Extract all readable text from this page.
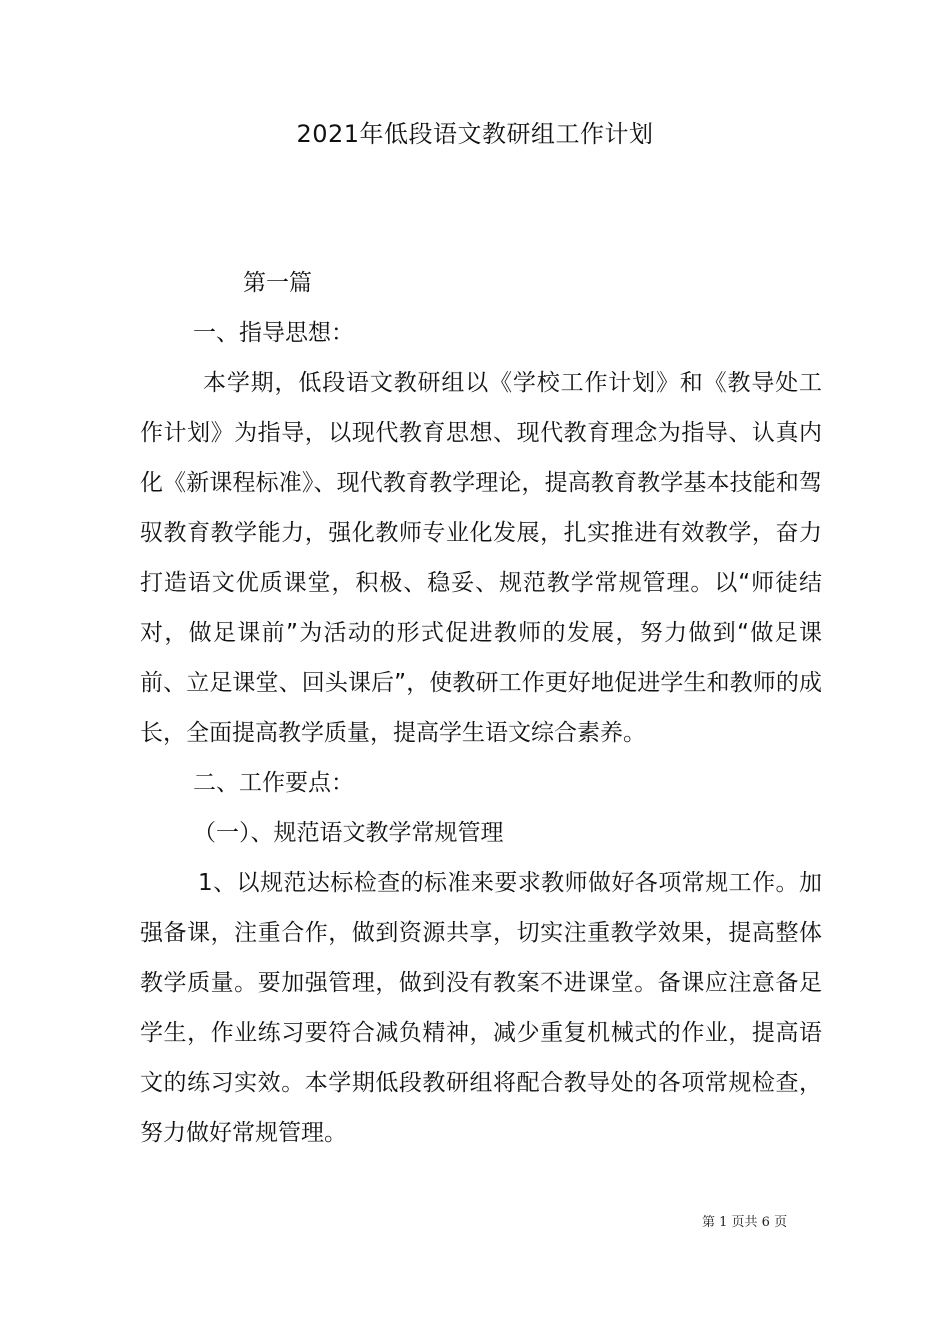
2021年低段语文教研组工作计划

第一篇

一、指导思想：

本学期，低段语文教研组以《学校工作计划》和《教导处工作计划》为指导，以现代教育思想、现代教育理念为指导、认真内化《新课程标准》、现代教育教学理论，提高教育教学基本技能和驾驭教育教学能力，强化教师专业化发展，扎实推进有效教学，奋力打造语文优质课堂，积极、稳妥、规范教学常规管理。以“师徒结对，做足课前”为活动的形式促进教师的发展，努力做到“做足课前、立足课堂、回头课后”，使教研工作更好地促进学生和教师的成长，全面提高教学质量，提高学生语文综合素养。

二、工作要点：

（一）、规范语文教学常规管理

1、以规范达标检查的标准来要求教师做好各项常规工作。加强备课，注重合作，做到资源共享，切实注重教学效果，提高整体教学质量。要加强管理，做到没有教案不进课堂。备课应注意备足学生，作业练习要符合减负精神，减少重复机械式的作业，提高语文的练习实效。本学期低段教研组将配合教导处的各项常规检查，努力做好常规管理。

第 1 页共 6 页
